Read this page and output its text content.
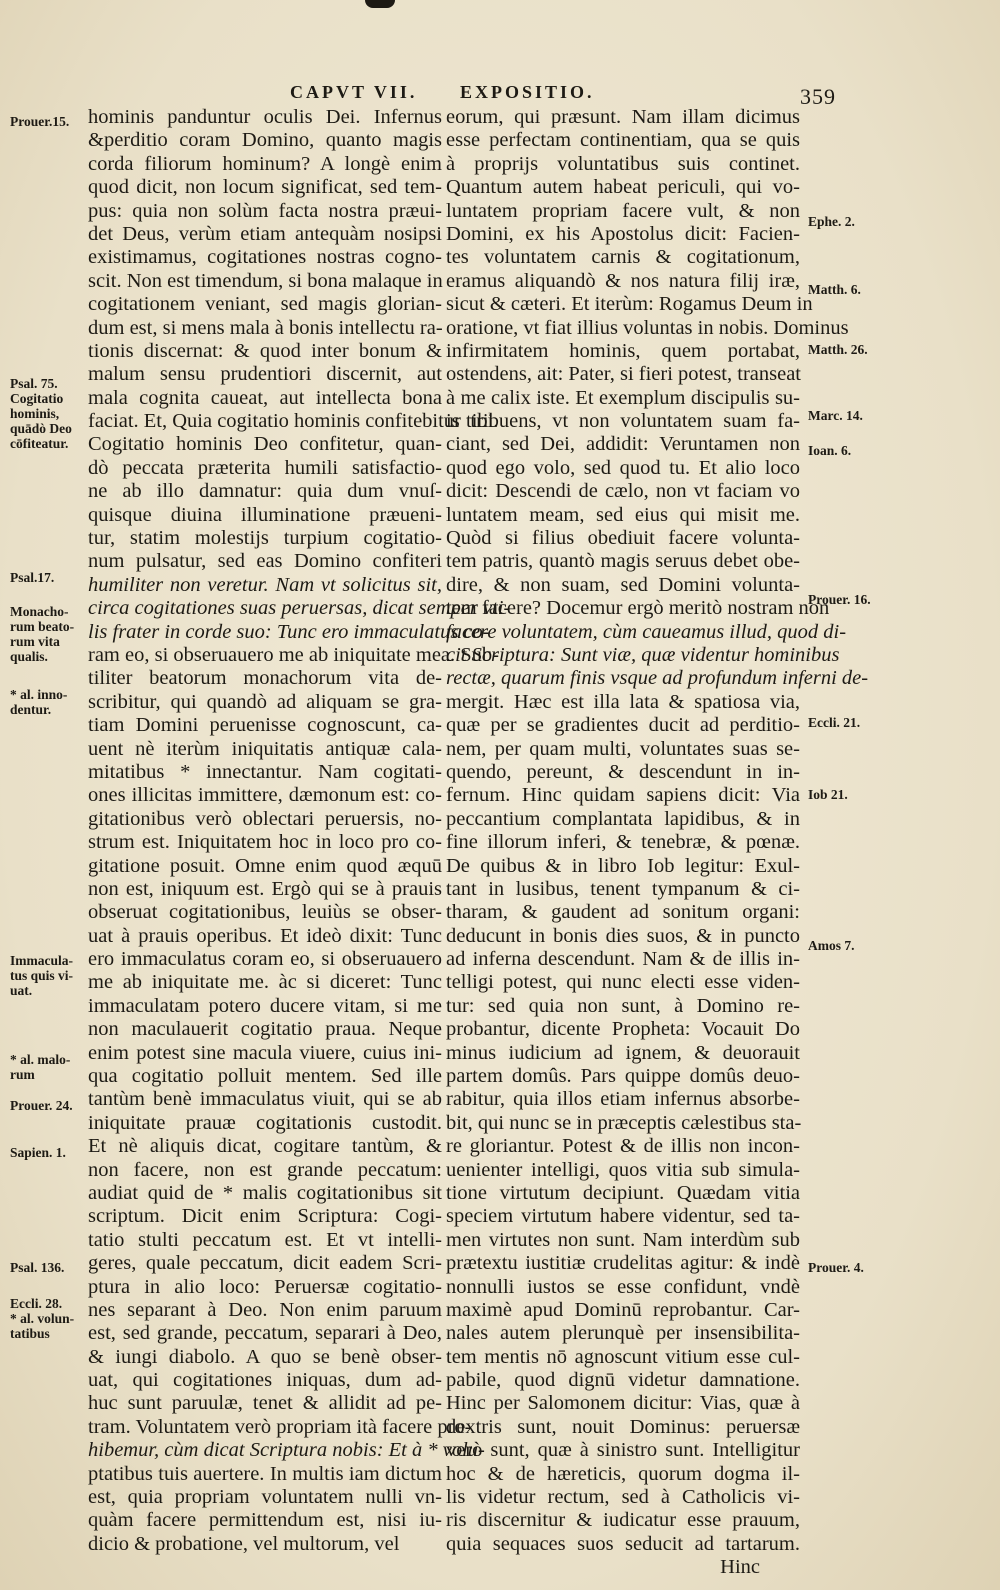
CAPVT VII. EXPOSITIO.	359
hominis panduntur oculis Dei. Infernus
&perditio coram Domino, quanto magis
corda filiorum hominum? A longè enim
quod dicit, non locum significat, sed tem-
pus: quia non solùm facta nostra præui-
det Deus, verùm etiam antequàm nosipsi
existimamus, cogitationes nostras cogno-
scit. Non est timendum, si bona malaque in
cogitationem veniant, sed magis glorian-
dum est, si mens mala à bonis intellectu ra-
tionis discernat: & quod inter bonum &
malum sensu prudentiori discernit, aut
mala cognita caueat, aut intellecta bona
faciat. Et, Quia cogitatio hominis confitebitur tibi.
Cogitatio hominis Deo confitetur, quan-
dò peccata præterita humili satisfactio-
ne ab illo damnatur: quia dum vnuſ-
quisque diuina illuminatione præueni-
tur, statim molestijs turpium cogitatio-
num pulsatur, sed eas Domino confiteri
humiliter non veretur. Nam vt solicitus sit,
circa cogitationes suas peruersas, dicat semper vti-
lis frater in corde suo: Tunc ero immaculatus co-
ram eo, si obseruauero me ab iniquitate mea. Sub-
tiliter beatorum monachorum vita de-
scribitur, qui quandò ad aliquam se gra-
tiam Domini peruenisse cognoscunt, ca-
uent nè iterùm iniquitatis antiquæ cala-
mitatibus * innectantur. Nam cogitati-
ones illicitas immittere, dæmonum est: co-
gitationibus verò oblectari peruersis, no-
strum est. Iniquitatem hoc in loco pro co-
gitatione posuit. Omne enim quod æquū
non est, iniquum est. Ergò qui se à prauis
obseruat cogitationibus, leuiùs se obser-
uat à prauis operibus. Et ideò dixit: Tunc
ero immaculatus coram eo, si obseruauero
me ab iniquitate me. àc si diceret: Tunc
immaculatam potero ducere vitam, si me
non maculauerit cogitatio praua. Neque
enim potest sine macula viuere, cuius ini-
qua cogitatio polluit mentem. Sed ille
tantùm benè immaculatus viuit, qui se ab
iniquitate prauæ cogitationis custodit.
Et nè aliquis dicat, cogitare tantùm, &
non facere, non est grande peccatum:
audiat quid de * malis cogitationibus sit
scriptum. Dicit enim Scriptura: Cogi-
tatio stulti peccatum est. Et vt intelli-
geres, quale peccatum, dicit eadem Scri-
ptura in alio loco: Peruersæ cogitatio-
nes separant à Deo. Non enim paruum
est, sed grande, peccatum, separari à Deo,
& iungi diabolo. A quo se benè obser-
uat, qui cogitationes iniquas, dum ad-
huc sunt paruulæ, tenet & allidit ad pe-
tram. Voluntatem verò propriam ità facere pro-
hibemur, cùm dicat Scriptura nobis: Et à * volu-
ptatibus tuis auertere. In multis iam dictum
est, quia propriam voluntatem nulli vn-
quàm facere permittendum est, nisi iu-
dicio & probatione, vel multorum, vel
eorum, qui præsunt. Nam illam dicimus
esse perfectam continentiam, qua se quis
à proprijs voluntatibus suis continet.
Quantum autem habeat periculi, qui vo-
luntatem propriam facere vult, & non
Domini, ex his Apostolus dicit: Facien-
tes voluntatem carnis & cogitationum,
eramus aliquandò & nos natura filij iræ,
sicut & cæteri. Et iterùm: Rogamus Deum in
oratione, vt fiat illius voluntas in nobis. Dominus
infirmitatem hominis, quem portabat,
ostendens, ait: Pater, si fieri potest, transeat
à me calix iste. Et exemplum discipulis su-
is tribuens, vt non voluntatem suam fa-
ciant, sed Dei, addidit: Veruntamen non
quod ego volo, sed quod tu. Et alio loco
dicit: Descendi de cælo, non vt faciam vo
luntatem meam, sed eius qui misit me.
Quòd si filius obediuit facere volunta-
tem patris, quantò magis seruus debet obe-
dire, & non suam, sed Domini volunta-
tem facere? Docemur ergò meritò nostram non
facere voluntatem, cùm caueamus illud, quod di-
cit Scriptura: Sunt viæ, quæ videntur hominibus
rectæ, quarum finis vsque ad profundum inferni de-
mergit. Hæc est illa lata & spatiosa via,
quæ per se gradientes ducit ad perditio-
nem, per quam multi, voluntates suas se-
quendo, pereunt, & descendunt in in-
fernum. Hinc quidam sapiens dicit: Via
peccantium complantata lapidibus, & in
fine illorum inferi, & tenebræ, & pœnæ.
De quibus & in libro Iob legitur: Exul-
tant in lusibus, tenent tympanum & ci-
tharam, & gaudent ad sonitum organi:
deducunt in bonis dies suos, & in puncto
ad inferna descendunt. Nam & de illis in-
telligi potest, qui nunc electi esse viden-
tur: sed quia non sunt, à Domino re-
probantur, dicente Propheta: Vocauit Do
minus iudicium ad ignem, & deuorauit
partem domûs. Pars quippe domûs deuo-
rabitur, quia illos etiam infernus absorbe-
bit, qui nunc se in præceptis cælestibus sta-
re gloriantur. Potest & de illis non incon-
uenienter intelligi, quos vitia sub simula-
tione virtutum decipiunt. Quædam vitia
speciem virtutum habere videntur, sed ta-
men virtutes non sunt. Nam interdùm sub
prætextu iustitiæ crudelitas agitur: & indè
nonnulli iustos se esse confidunt, vndè
maximè apud Dominū reprobantur. Car-
nales autem plerunquè per insensibilita-
tem mentis nō agnoscunt vitium esse cul-
pabile, quod dignū videtur damnatione.
Hinc per Salomonem dicitur: Vias, quæ à
dextris sunt, nouit Dominus: peruersæ
verò sunt, quæ à sinistro sunt. Intelligitur
hoc & de hæreticis, quorum dogma il-
lis videtur rectum, sed à Catholicis vi-
ris discernitur & iudicatur esse prauum,
quia sequaces suos seducit ad tartarum.
Hinc
Prouer.15.
Psal. 75.
Cogitatio
hominis,
quādò Deo
cōfiteatur.
Psal.17.
Monacho-
rum beato-
rum vita
qualis.
* al. inno-
dentur.
Immacula-
tus quis vi-
uat.
* al. malo-
rum
Prouer. 24.
Sapien. 1.
Psal. 136.
Eccli. 28.
* al. volun-
tatibus
Ephe. 2.
Matth. 6.
Matth. 26.
Marc. 14.
Ioan. 6.
Prouer. 16.
Eccli. 21.
Iob 21.
Amos 7.
Prouer. 4.
